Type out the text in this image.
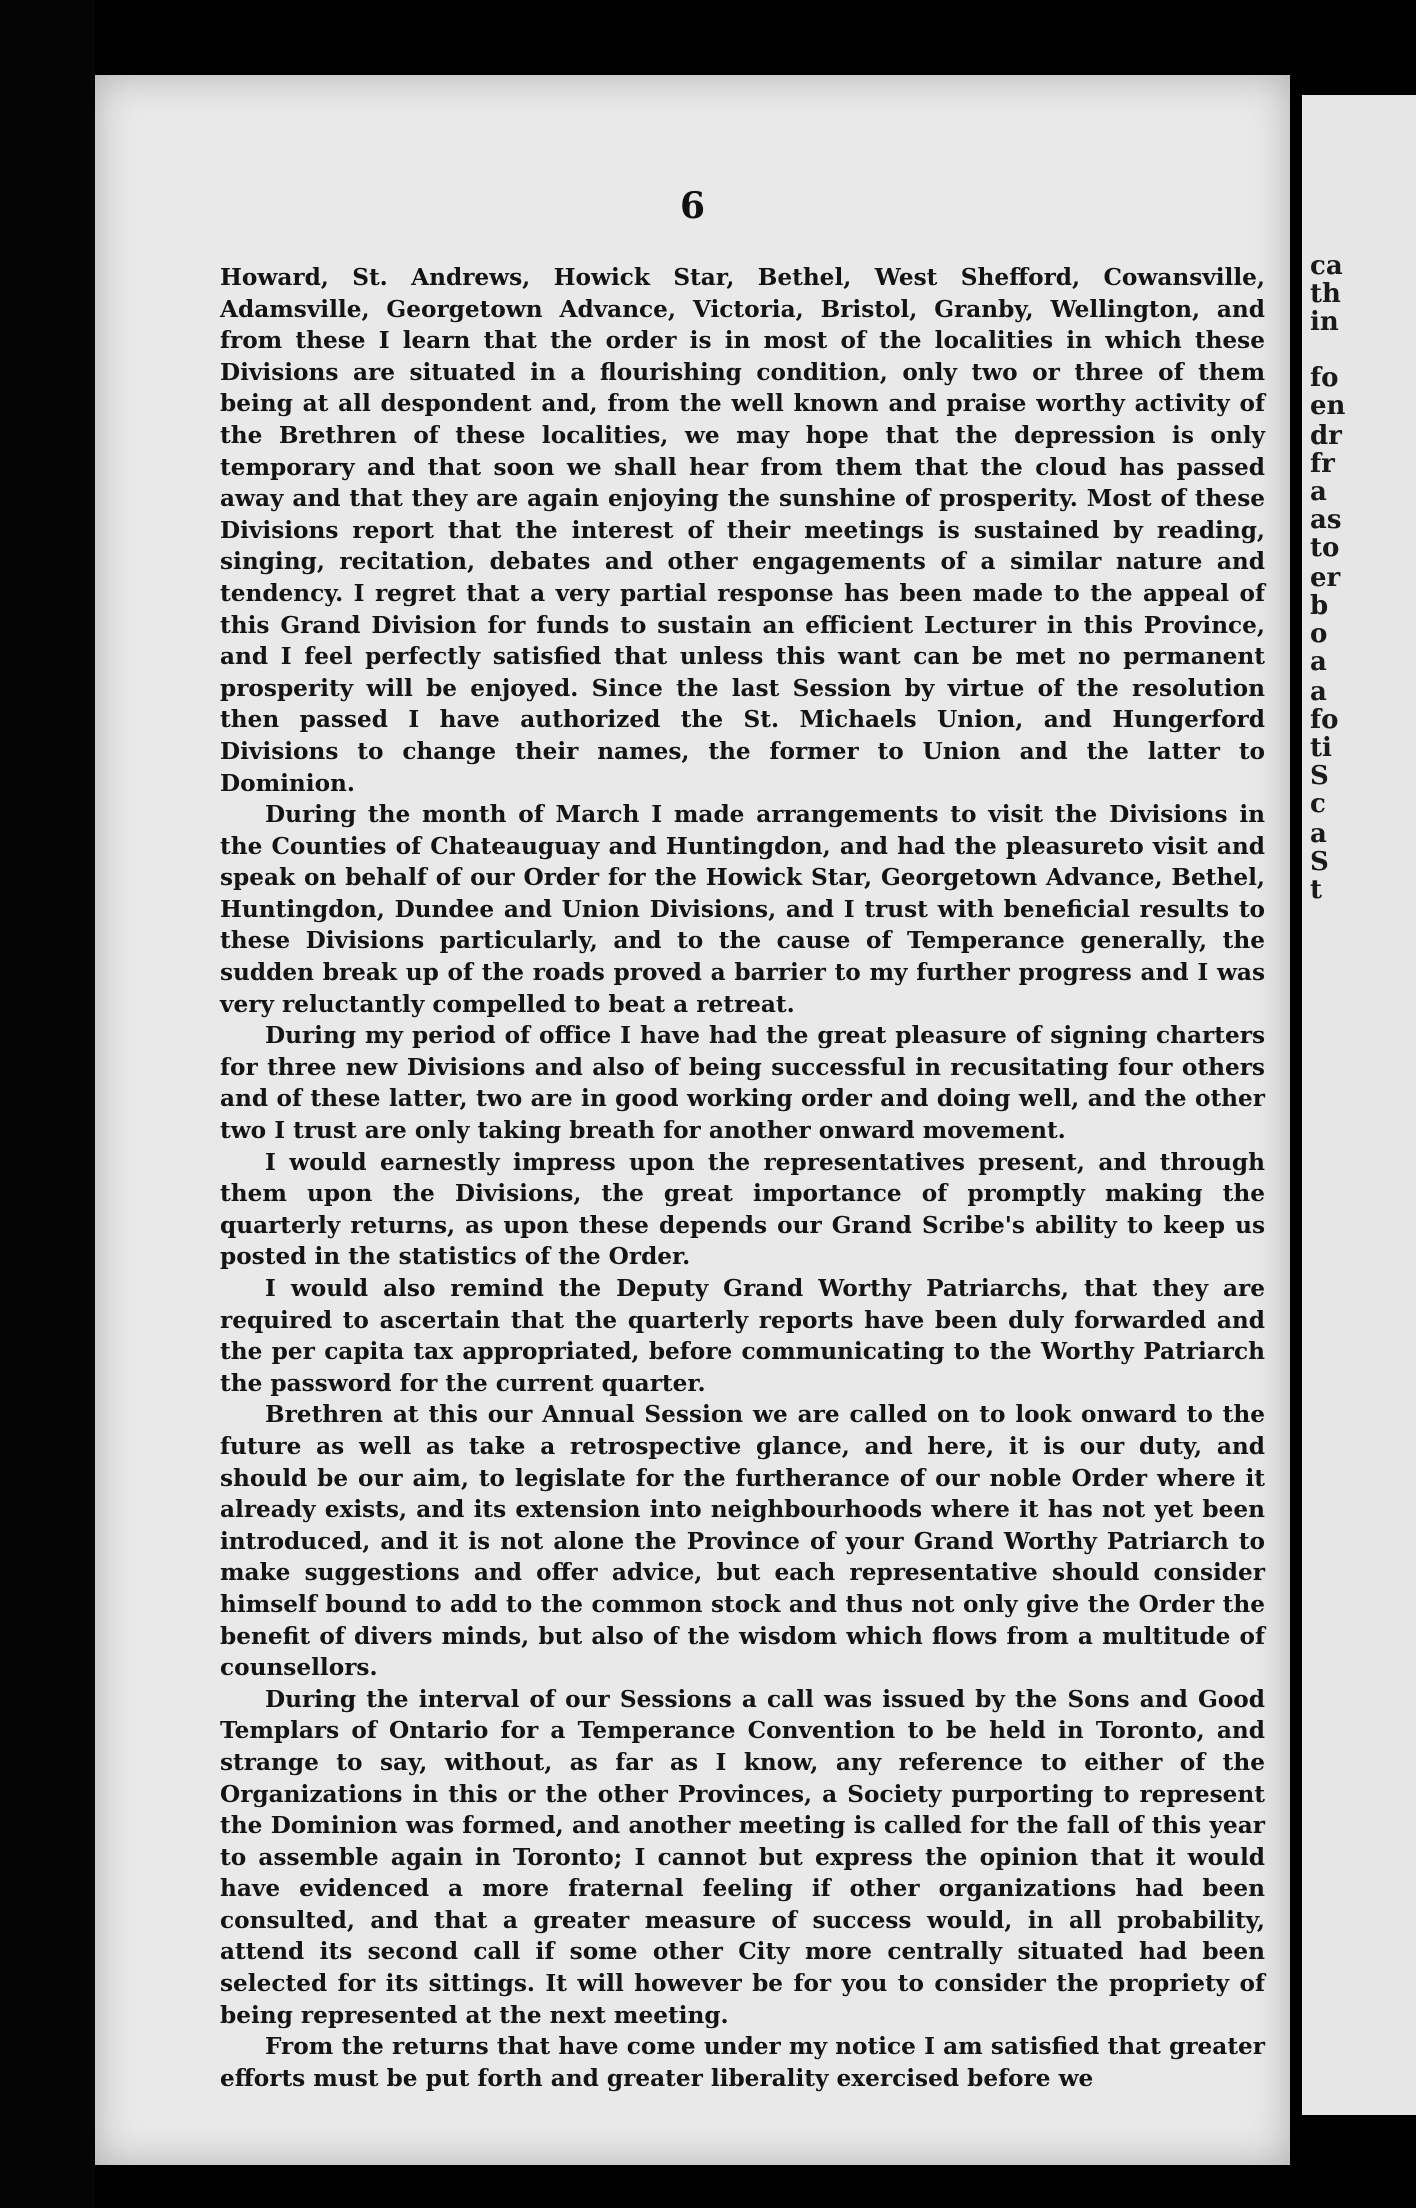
6
ca
th
in
fo
en
dr
fr
a
as
to
er
b
o
a
a
fo
ti
S
c
a
S
t

Howard, St. Andrews, Howick Star, Bethel, West Shefford, Cowansville, Adamsville, Georgetown Advance, Victoria, Bristol, Granby, Wellington, and from these I learn that the order is in most of the localities in which these Divisions are situated in a flourishing condition, only two or three of them being at all despondent and, from the well known and praise worthy activity of the Brethren of these localities, we may hope that the depression is only temporary and that soon we shall hear from them that the cloud has passed away and that they are again enjoying the sunshine of prosperity. Most of these Divisions report that the interest of their meetings is sustained by reading, singing, recitation, debates and other engagements of a similar nature and tendency. I regret that a very partial response has been made to the appeal of this Grand Division for funds to sustain an efficient Lecturer in this Province, and I feel perfectly satisfied that unless this want can be met no permanent prosperity will be enjoyed. Since the last Session by virtue of the resolution then passed I have authorized the St. Michaels Union, and Hungerford Divisions to change their names, the former to Union and the latter to Dominion.

During the month of March I made arrangements to visit the Divisions in the Counties of Chateauguay and Huntingdon, and had the pleasureto visit and speak on behalf of our Order for the Howick Star, Georgetown Advance, Bethel, Huntingdon, Dundee and Union Divisions, and I trust with beneficial results to these Divisions particularly, and to the cause of Temperance generally, the sudden break up of the roads proved a barrier to my further progress and I was very reluctantly compelled to beat a retreat.

During my period of office I have had the great pleasure of signing charters for three new Divisions and also of being successful in recusitating four others and of these latter, two are in good working order and doing well, and the other two I trust are only taking breath for another onward movement.

I would earnestly impress upon the representatives present, and through them upon the Divisions, the great importance of promptly making the quarterly returns, as upon these depends our Grand Scribe's ability to keep us posted in the statistics of the Order.

I would also remind the Deputy Grand Worthy Patriarchs, that they are required to ascertain that the quarterly reports have been duly forwarded and the per capita tax appropriated, before communicating to the Worthy Patriarch the password for the current quarter.

Brethren at this our Annual Session we are called on to look onward to the future as well as take a retrospective glance, and here, it is our duty, and should be our aim, to legislate for the furtherance of our noble Order where it already exists, and its extension into neighbourhoods where it has not yet been introduced, and it is not alone the Province of your Grand Worthy Patriarch to make suggestions and offer advice, but each representative should consider himself bound to add to the common stock and thus not only give the Order the benefit of divers minds, but also of the wisdom which flows from a multitude of counsellors.

During the interval of our Sessions a call was issued by the Sons and Good Templars of Ontario for a Temperance Convention to be held in Toronto, and strange to say, without, as far as I know, any reference to either of the Organizations in this or the other Provinces, a Society purporting to represent the Dominion was formed, and another meeting is called for the fall of this year to assemble again in Toronto; I cannot but express the opinion that it would have evidenced a more fraternal feeling if other organizations had been consulted, and that a greater measure of success would, in all probability, attend its second call if some other City more centrally situated had been selected for its sittings. It will however be for you to consider the propriety of being represented at the next meeting.

From the returns that have come under my notice I am satisfied that greater efforts must be put forth and greater liberality exercised before we
